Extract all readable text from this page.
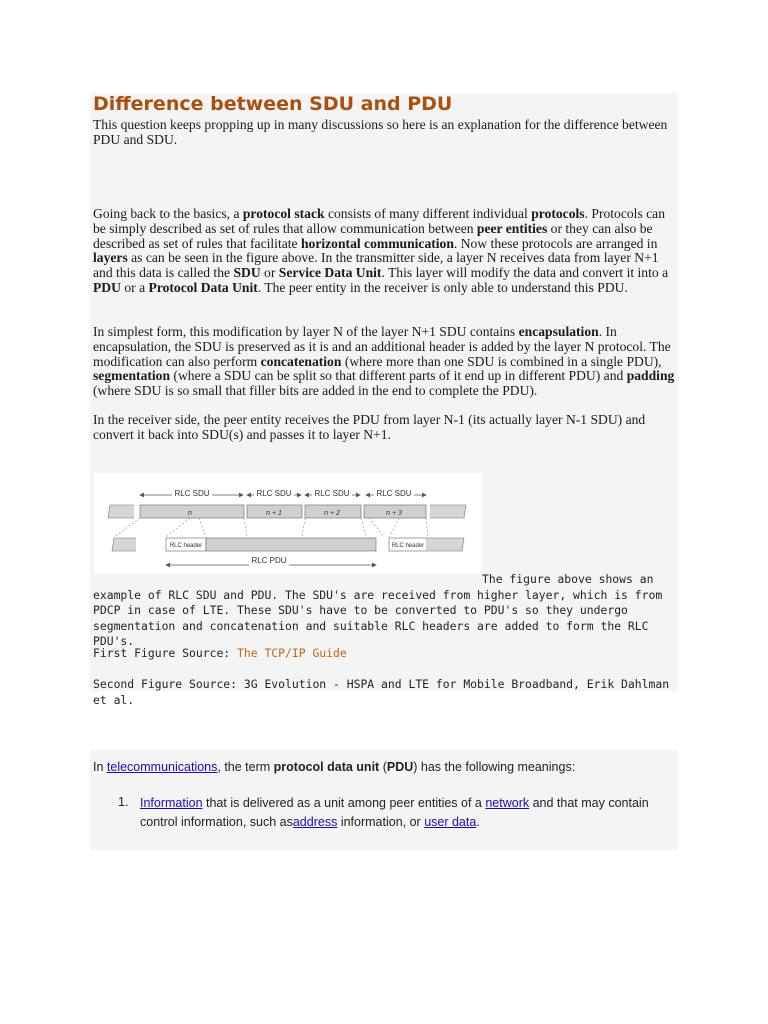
Difference between SDU and PDU

This question keeps propping up in many discussions so here is an explanation for the difference between PDU and SDU.

Going back to the basics, a protocol stack consists of many different individual protocols. Protocols can be simply described as set of rules that allow communication between peer entities or they can also be described as set of rules that facilitate horizontal communication. Now these protocols are arranged in layers as can be seen in the figure above. In the transmitter side, a layer N receives data from layer N+1 and this data is called the SDU or Service Data Unit. This layer will modify the data and convert it into a PDU or a Protocol Data Unit. The peer entity in the receiver is only able to understand this PDU.

In simplest form, this modification by layer N of the layer N+1 SDU contains encapsulation. In encapsulation, the SDU is preserved as it is and an additional header is added by the layer N protocol. The modification can also perform concatenation (where more than one SDU is combined in a single PDU), segmentation (where a SDU can be split so that different parts of it end up in different PDU) and padding (where SDU is so small that filler bits are added in the end to complete the PDU).

In the receiver side, the peer entity receives the PDU from layer N-1 (its actually layer N-1 SDU) and convert it back into SDU(s) and passes it to layer N+1.

RLC SDU	RLC SDU	RLC SDU	RLC SDU
n	n + 1	n + 2	n + 3
RLC header	RLC header
RLC PDU

The figure above shows an example of RLC SDU and PDU. The SDU's are received from higher layer, which is from PDCP in case of LTE. These SDU's have to be converted to PDU's so they undergo segmentation and concatenation and suitable RLC headers are added to form the RLC PDU's.

First Figure Source: The TCP/IP Guide

Second Figure Source: 3G Evolution - HSPA and LTE for Mobile Broadband, Erik Dahlman et al.

In telecommunications, the term protocol data unit (PDU) has the following meanings:

1. Information that is delivered as a unit among peer entities of a network and that may contain control information, such asaddress information, or user data.
